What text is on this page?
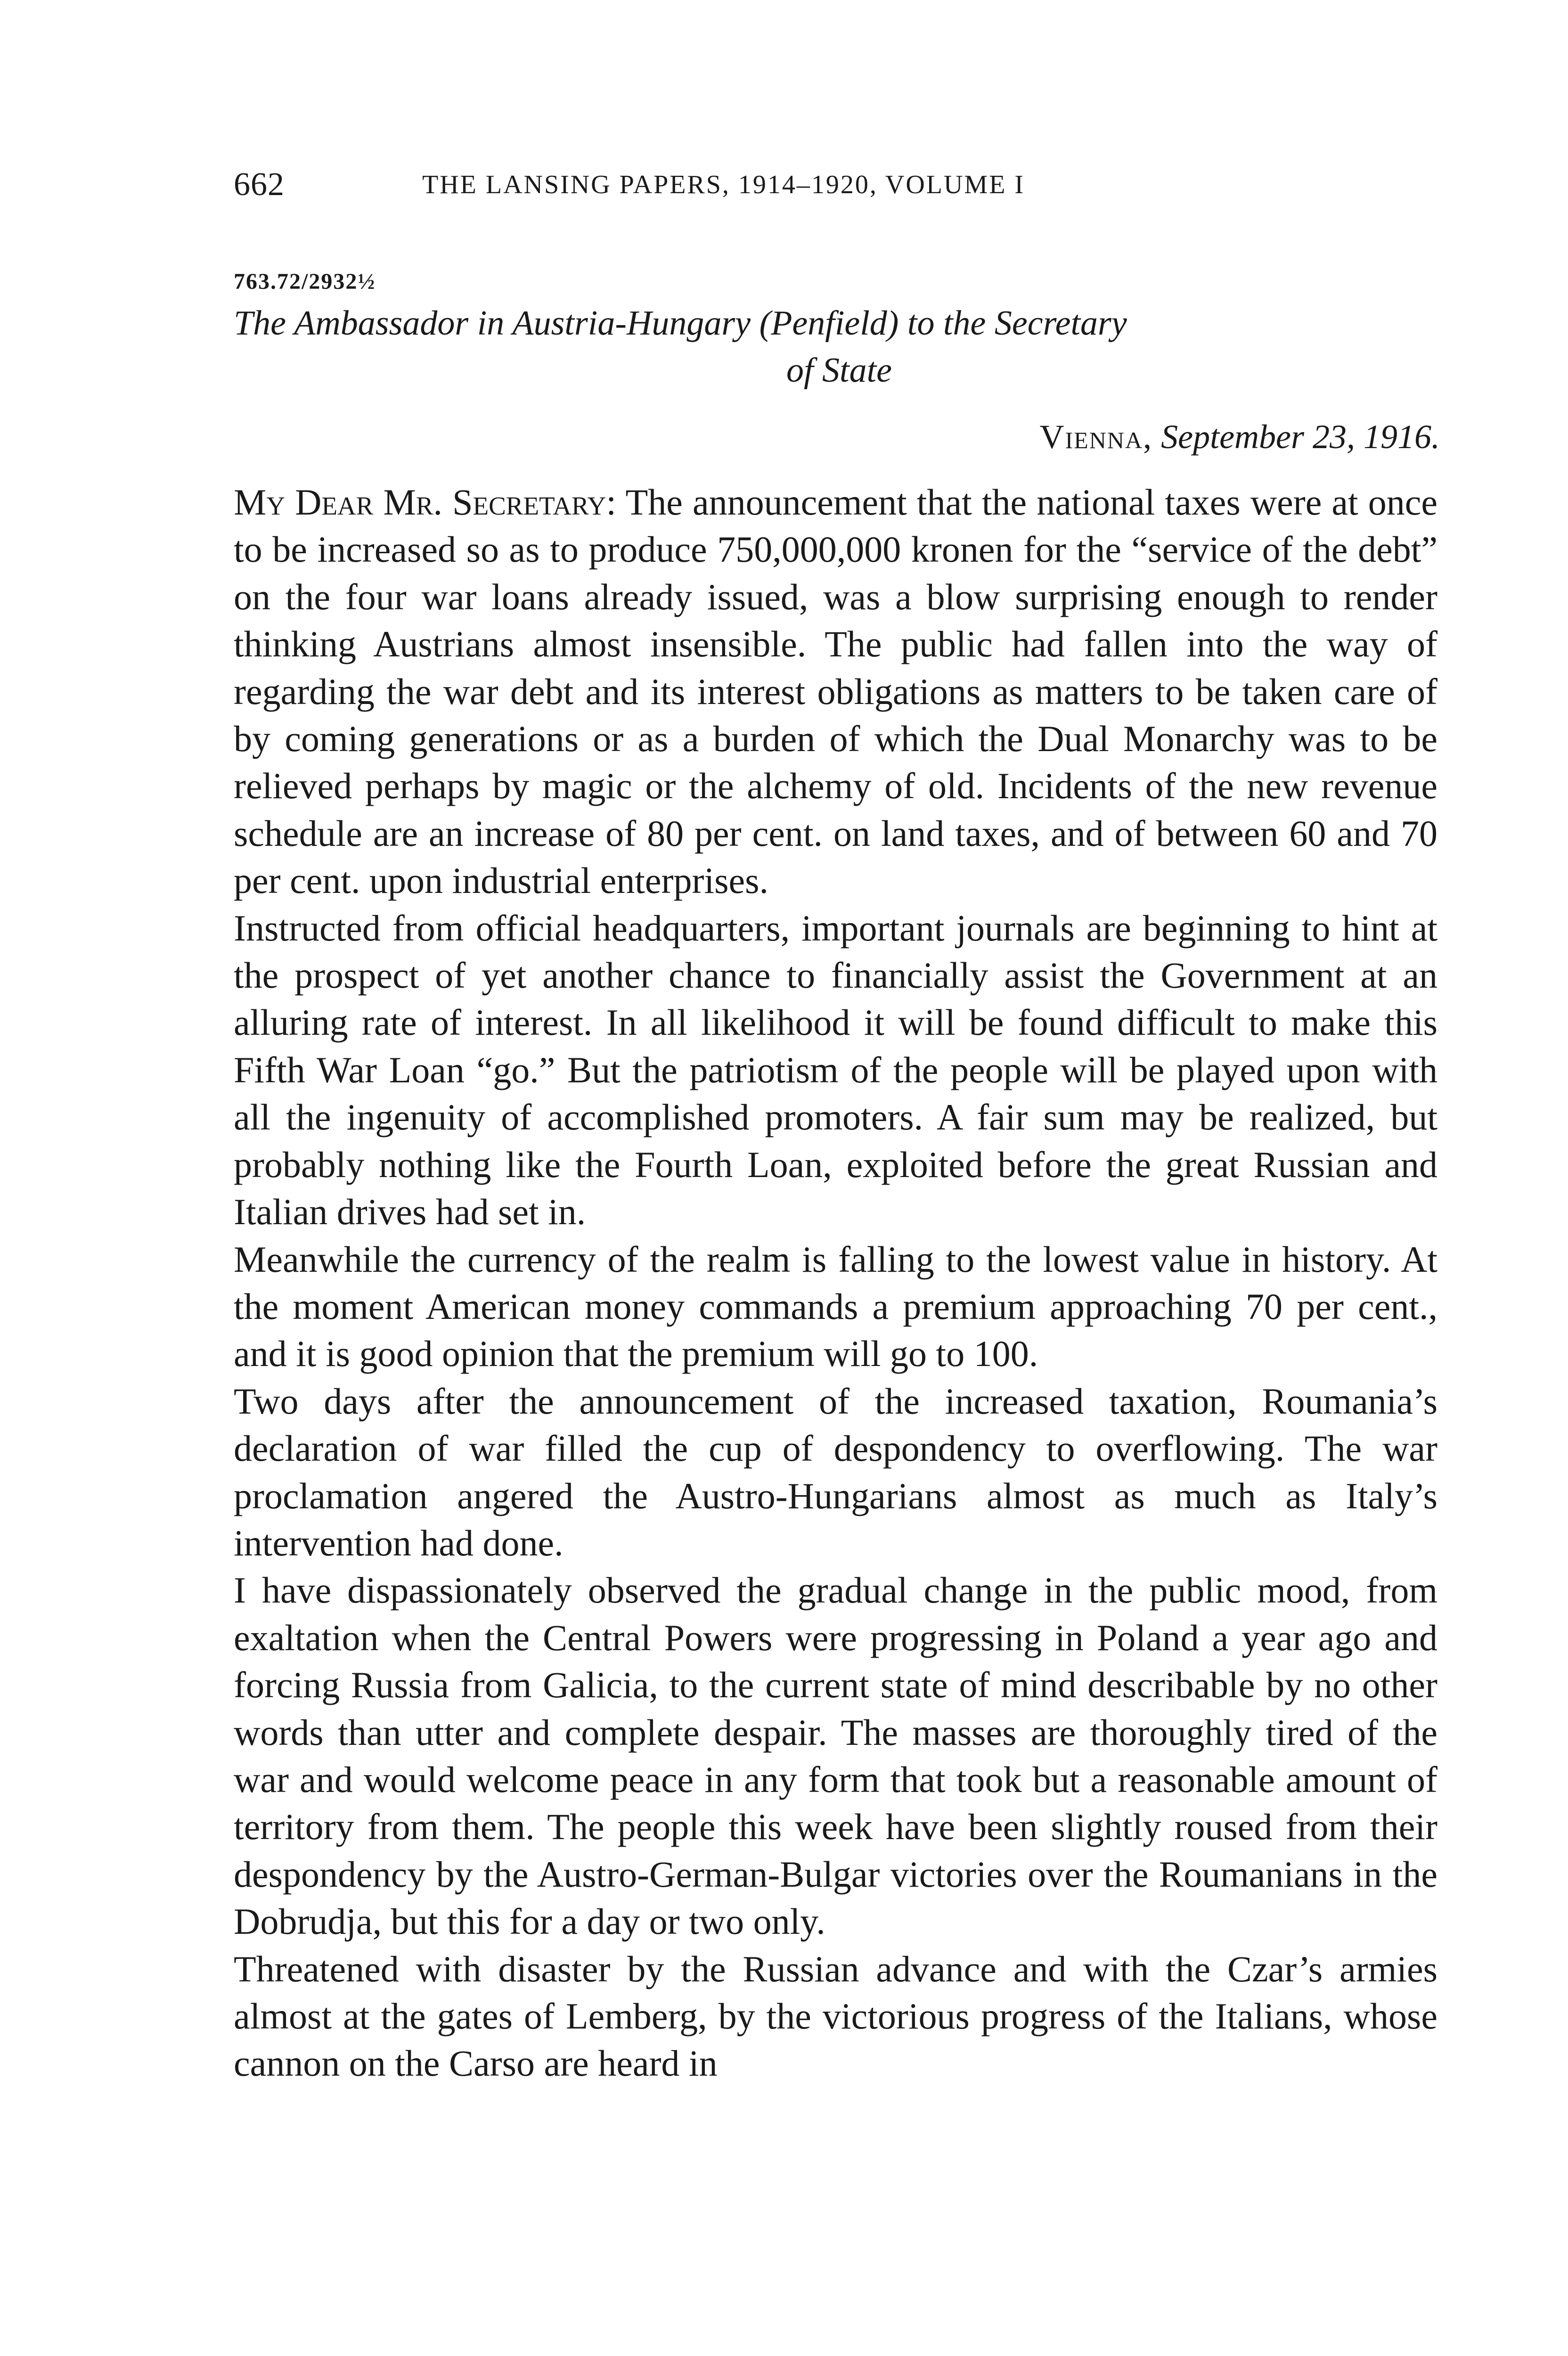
662	THE LANSING PAPERS, 1914–1920, VOLUME I
763.72/2932½
The Ambassador in Austria-Hungary (Penfield) to the Secretary
of State
Vienna, September 23, 1916.

My Dear Mr. Secretary: The announcement that the national taxes were at once to be increased so as to produce 750,000,000 kronen for the “service of the debt” on the four war loans already issued, was a blow surprising enough to render thinking Austrians almost insensible. The public had fallen into the way of regarding the war debt and its interest obligations as matters to be taken care of by coming generations or as a burden of which the Dual Monarchy was to be relieved perhaps by magic or the alchemy of old. Incidents of the new revenue schedule are an increase of 80 per cent. on land taxes, and of between 60 and 70 per cent. upon industrial enterprises.

Instructed from official headquarters, important journals are beginning to hint at the prospect of yet another chance to financially assist the Government at an alluring rate of interest. In all likelihood it will be found difficult to make this Fifth War Loan “go.” But the patriotism of the people will be played upon with all the ingenuity of accomplished promoters. A fair sum may be realized, but probably nothing like the Fourth Loan, exploited before the great Russian and Italian drives had set in.

Meanwhile the currency of the realm is falling to the lowest value in history. At the moment American money commands a premium approaching 70 per cent., and it is good opinion that the premium will go to 100.

Two days after the announcement of the increased taxation, Roumania’s declaration of war filled the cup of despondency to overflowing. The war proclamation angered the Austro-Hungarians almost as much as Italy’s intervention had done.

I have dispassionately observed the gradual change in the public mood, from exaltation when the Central Powers were progressing in Poland a year ago and forcing Russia from Galicia, to the current state of mind describable by no other words than utter and complete despair. The masses are thoroughly tired of the war and would welcome peace in any form that took but a reasonable amount of territory from them. The people this week have been slightly roused from their despondency by the Austro-German-Bulgar victories over the Roumanians in the Dobrudja, but this for a day or two only.

Threatened with disaster by the Russian advance and with the Czar’s armies almost at the gates of Lemberg, by the victorious progress of the Italians, whose cannon on the Carso are heard in
